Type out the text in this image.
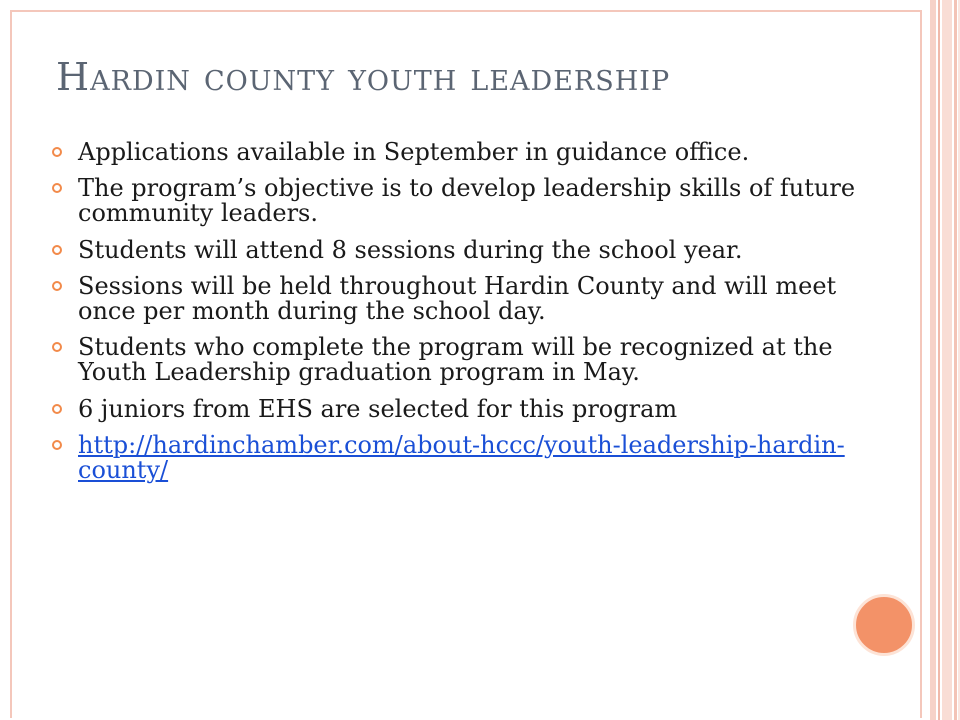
Hardin county youth leadership
Applications available in September in guidance office.
The program’s objective is to develop leadership skills of future community leaders.
Students will attend 8 sessions during the school year.
Sessions will be held throughout Hardin County and will meet once per month during the school day.
Students who complete the program will be recognized at the Youth Leadership graduation program in May.
6 juniors from EHS are selected for this program
http://hardinchamber.com/about-hccc/youth-leadership-hardin-county/
